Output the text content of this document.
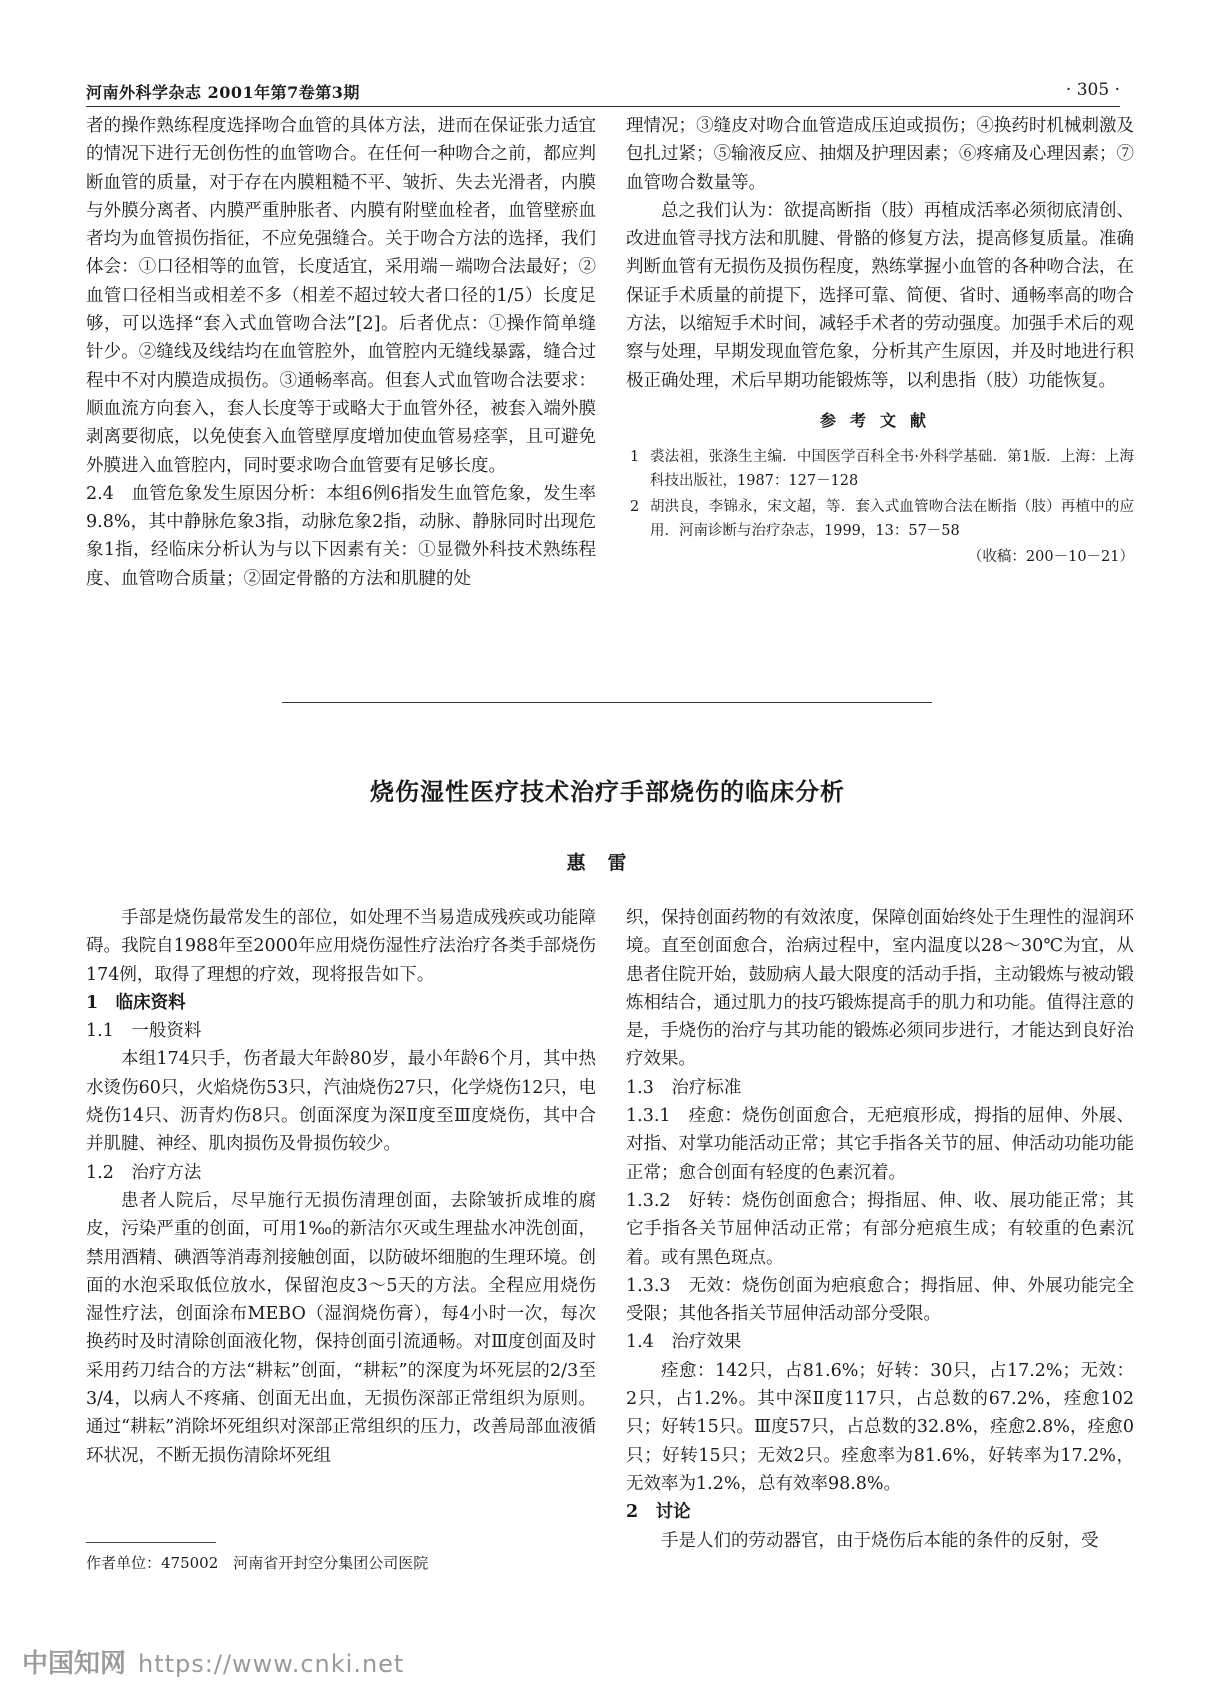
河南外科学杂志 2001年第7卷第3期	· 305 ·

者的操作熟练程度选择吻合血管的具体方法，进而在保证张力适宜的情况下进行无创伤性的血管吻合。在任何一种吻合之前，都应判断血管的质量，对于存在内膜粗糙不平、皱折、失去光滑者，内膜与外膜分离者、内膜严重肿胀者、内膜有附壁血栓者，血管壁瘀血者均为血管损伤指征，不应免强缝合。关于吻合方法的选择，我们体会：①口径相等的血管，长度适宜，采用端－端吻合法最好；②血管口径相当或相差不多（相差不超过较大者口径的1/5）长度足够，可以选择“套入式血管吻合法”[2]。后者优点：①操作简单缝针少。②缝线及线结均在血管腔外，血管腔内无缝线暴露，缝合过程中不对内膜造成损伤。③通畅率高。但套人式血管吻合法要求：顺血流方向套入，套人长度等于或略大于血管外径，被套入端外膜剥离要彻底，以免使套入血管壁厚度增加使血管易痉挛，且可避免外膜进入血管腔内，同时要求吻合血管要有足够长度。

2.4　血管危象发生原因分析：本组6例6指发生血管危象，发生率9.8%，其中静脉危象3指，动脉危象2指，动脉、静脉同时出现危象1指，经临床分析认为与以下因素有关：①显微外科技术熟练程度、血管吻合质量；②固定骨骼的方法和肌腱的处

理情况；③缝皮对吻合血管造成压迫或损伤；④换药时机械刺激及包扎过紧；⑤输液反应、抽烟及护理因素；⑥疼痛及心理因素；⑦血管吻合数量等。

总之我们认为：欲提高断指（肢）再植成活率必须彻底清创、改进血管寻找方法和肌腱、骨骼的修复方法，提高修复质量。准确判断血管有无损伤及损伤程度，熟练掌握小血管的各种吻合法，在保证手术质量的前提下，选择可靠、简便、省时、通畅率高的吻合方法，以缩短手术时间，减轻手术者的劳动强度。加强手术后的观察与处理，早期发现血管危象，分析其产生原因，并及时地进行积极正确处理，术后早期功能锻炼等，以利患指（肢）功能恢复。

参考文献
1 裘法祖，张涤生主编．中国医学百科全书·外科学基础．第1版．上海：上海科技出版社，1987：127－128
2 胡洪良，李锦永，宋文超，等．套入式血管吻合法在断指（肢）再植中的应用．河南诊断与治疗杂志，1999，13：57－58
（收稿：200－10－21）
烧伤湿性医疗技术治疗手部烧伤的临床分析
惠雷

手部是烧伤最常发生的部位，如处理不当易造成残疾或功能障碍。我院自1988年至2000年应用烧伤湿性疗法治疗各类手部烧伤174例，取得了理想的疗效，现将报告如下。

1　临床资料

1.1　一般资料

本组174只手，伤者最大年龄80岁，最小年龄6个月，其中热水烫伤60只，火焰烧伤53只，汽油烧伤27只，化学烧伤12只，电烧伤14只、沥青灼伤8只。创面深度为深Ⅱ度至Ⅲ度烧伤，其中合并肌腱、神经、肌肉损伤及骨损伤较少。

1.2　治疗方法

患者人院后，尽早施行无损伤清理创面，去除皱折成堆的腐皮，污染严重的创面，可用1‰的新洁尔灭或生理盐水冲洗创面，禁用酒精、碘酒等消毒剂接触创面，以防破坏细胞的生理环境。创面的水泡采取低位放水，保留泡皮3～5天的方法。全程应用烧伤湿性疗法，创面涂布MEBO（湿润烧伤膏），每4小时一次，每次换药时及时清除创面液化物，保持创面引流通畅。对Ⅲ度创面及时采用药刀结合的方法“耕耘”创面，“耕耘”的深度为坏死层的2/3至3/4，以病人不疼痛、创面无出血，无损伤深部正常组织为原则。通过“耕耘”消除坏死组织对深部正常组织的压力，改善局部血液循环状况，不断无损伤清除坏死组

织，保持创面药物的有效浓度，保障创面始终处于生理性的湿润环境。直至创面愈合，治病过程中，室内温度以28～30℃为宜，从患者住院开始，鼓励病人最大限度的活动手指，主动锻炼与被动锻炼相结合，通过肌力的技巧锻炼提高手的肌力和功能。值得注意的是，手烧伤的治疗与其功能的锻炼必须同步进行，才能达到良好治疗效果。

1.3　治疗标准

1.3.1　痊愈：烧伤创面愈合，无疤痕形成，拇指的屈伸、外展、对指、对掌功能活动正常；其它手指各关节的屈、伸活动功能功能正常；愈合创面有轻度的色素沉着。

1.3.2　好转：烧伤创面愈合；拇指屈、伸、收、展功能正常；其它手指各关节屈伸活动正常；有部分疤痕生成；有较重的色素沉着。或有黑色斑点。

1.3.3　无效：烧伤创面为疤痕愈合；拇指屈、伸、外展功能完全受限；其他各指关节屈伸活动部分受限。

1.4　治疗效果

痊愈：142只，占81.6%；好转：30只，占17.2%；无效：2只，占1.2%。其中深Ⅱ度117只，占总数的67.2%，痊愈102只；好转15只。Ⅲ度57只，占总数的32.8%，痊愈2.8%，痊愈0只；好转15只；无效2只。痊愈率为81.6%，好转率为17.2%，无效率为1.2%，总有效率98.8%。

2　讨论

手是人们的劳动器官，由于烧伤后本能的条件的反射，受

作者单位：475002　河南省开封空分集团公司医院
中国知网 https://www.cnki.net
